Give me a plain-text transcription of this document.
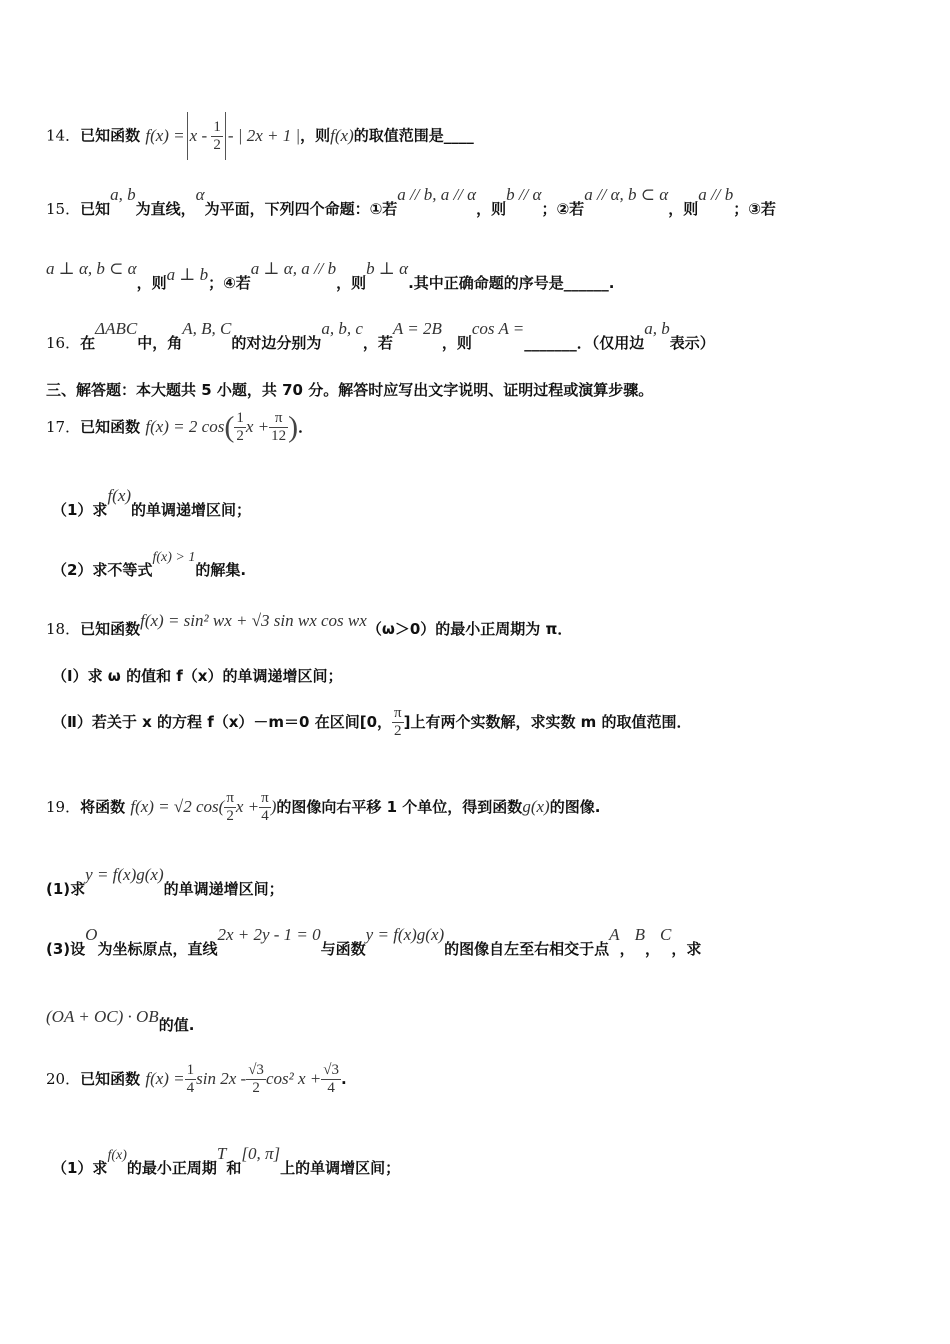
14．已知函数 $f(x) = x - \frac{1}{2}$ - | 2x + 1 |，则f(x)的取值范围是____
15．已知a, b为直线，α为平面，下列四个命题：①若a // b, a // α，则b // α；②若a // α, b ⊂ α，则a // b；③若
a ⊥ α, b ⊂ α，则a ⊥ b；④若a ⊥ α, a // b，则b ⊥ α.其中正确命题的序号是______.
16．在ΔABC中，角A, B, C的对边分别为a, b, c，若A = 2B，则cos A =_______．（仅用边a, b表示）
三、解答题：本大题共 5 小题，共 70 分。解答时应写出文字说明、证明过程或演算步骤。
17．已知函数 f(x) = 2 $\cos( \frac{1}{2}$ $x + \frac{\pi}{12}$ )．
（1）求f(x)的单调递增区间；
（2）求不等式f(x) > 1的解集.
18．已知函数f(x) = sin² wx + √3 sin wx cos wx（ω＞0）的最小正周期为 π．
（Ⅰ）求 ω 的值和 f（x）的单调递增区间；
（Ⅱ）若关于 x 的方程 f（x）－m＝0 在区间[0， $\frac{\pi}{2}$ ]上有两个实数解，求实数 m 的取值范围．
19．将函数 f(x) = √2 $\cos( \frac{\pi}{2}$ $x + \frac{\pi}{4}$ )的图像向右平移 1 个单位，得到函数g(x)的图像.
(1)求y = f(x)g(x)的单调递增区间；
(3)设O为坐标原点，直线2x + 2y - 1 = 0与函数y = f(x)g(x)的图像自左至右相交于点A，B，C，求
(OA + OC) · OB的值.
20．已知函数 $f(x) = \frac{1}{4}$ $\sin 2x - \frac{√3}{2} \cos^2$ $x + \frac{√3}{4}$ .
（1）求f(x)的最小正周期T和[0, π]上的单调增区间；
